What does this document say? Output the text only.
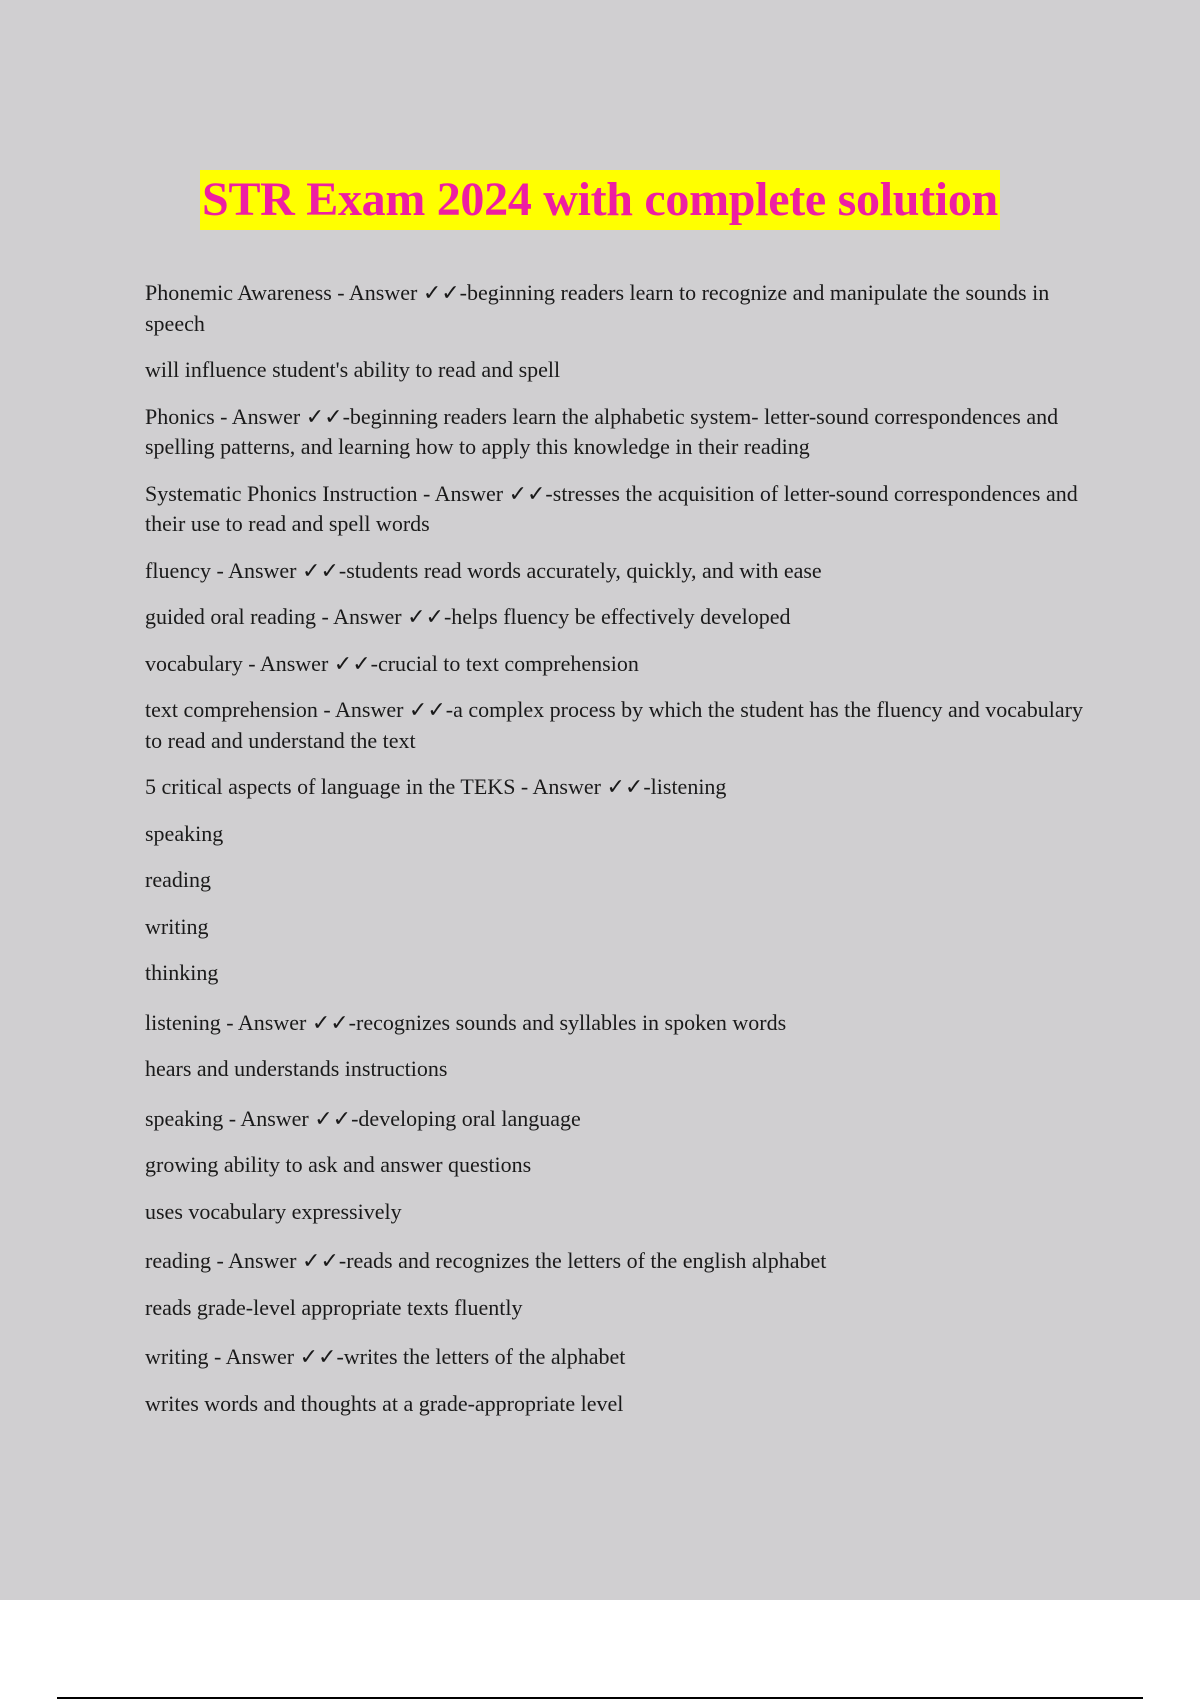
STR Exam 2024 with complete solution

Phonemic Awareness - Answer ✓✓-beginning readers learn to recognize and manipulate the sounds in speech

will influence student's ability to read and spell

Phonics - Answer ✓✓-beginning readers learn the alphabetic system- letter-sound correspondences and spelling patterns, and learning how to apply this knowledge in their reading

Systematic Phonics Instruction - Answer ✓✓-stresses the acquisition of letter-sound correspondences and their use to read and spell words

fluency - Answer ✓✓-students read words accurately, quickly, and with ease

guided oral reading - Answer ✓✓-helps fluency be effectively developed

vocabulary - Answer ✓✓-crucial to text comprehension

text comprehension - Answer ✓✓-a complex process by which the student has the fluency and vocabulary to read and understand the text

5 critical aspects of language in the TEKS - Answer ✓✓-listening

speaking

reading

writing

thinking

listening - Answer ✓✓-recognizes sounds and syllables in spoken words

hears and understands instructions

speaking - Answer ✓✓-developing oral language

growing ability to ask and answer questions

uses vocabulary expressively

reading - Answer ✓✓-reads and recognizes the letters of the english alphabet

reads grade-level appropriate texts fluently

writing - Answer ✓✓-writes the letters of the alphabet

writes words and thoughts at a grade-appropriate level
